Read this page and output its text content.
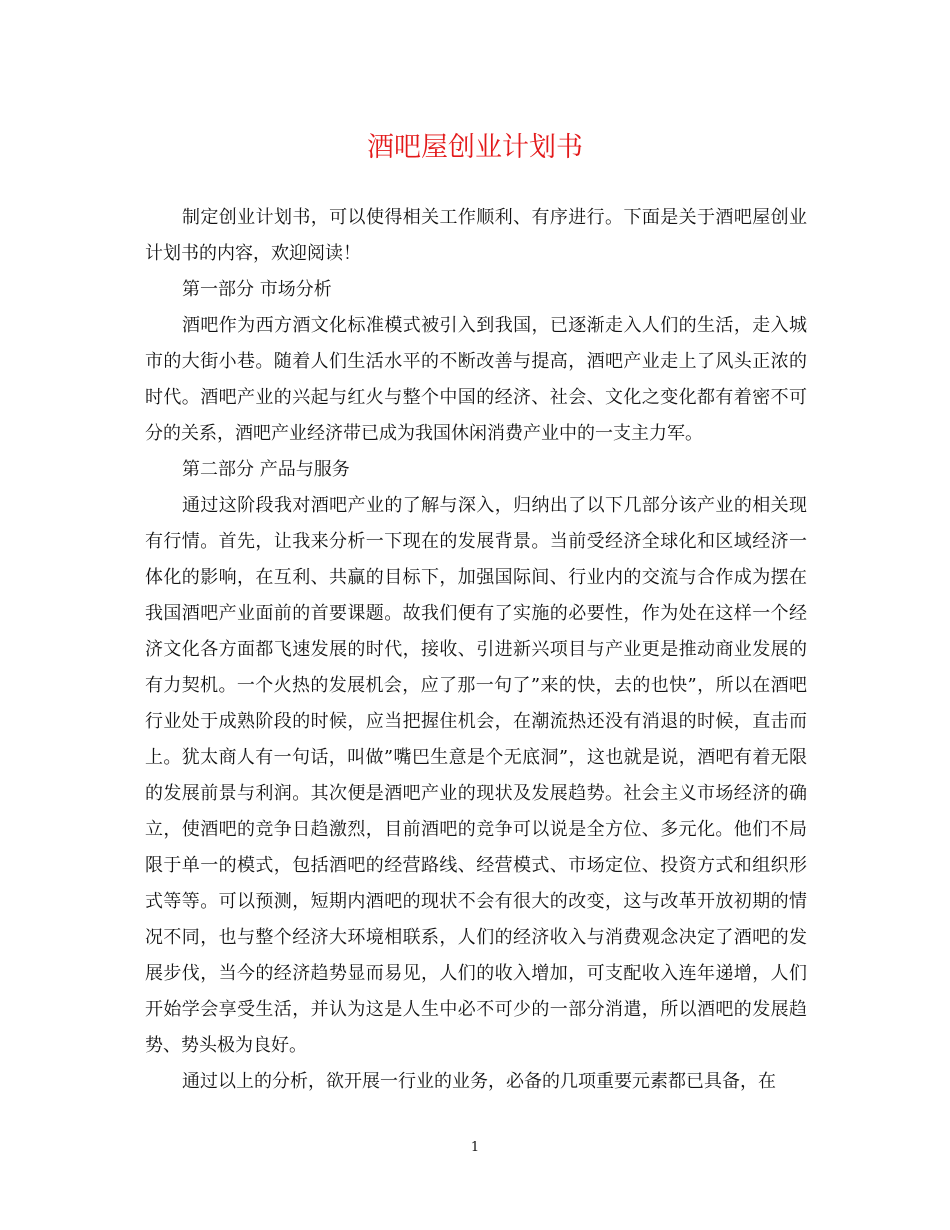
酒吧屋创业计划书

制定创业计划书，可以使得相关工作顺利、有序进行。下面是关于酒吧屋创业计划书的内容，欢迎阅读！

第一部分 市场分析

酒吧作为西方酒文化标准模式被引入到我国，已逐渐走入人们的生活，走入城市的大街小巷。随着人们生活水平的不断改善与提高，酒吧产业走上了风头正浓的时代。酒吧产业的兴起与红火与整个中国的经济、社会、文化之变化都有着密不可分的关系，酒吧产业经济带已成为我国休闲消费产业中的一支主力军。

第二部分 产品与服务

通过这阶段我对酒吧产业的了解与深入，归纳出了以下几部分该产业的相关现有行情。首先，让我来分析一下现在的发展背景。当前受经济全球化和区域经济一体化的影响，在互利、共赢的目标下，加强国际间、行业内的交流与合作成为摆在我国酒吧产业面前的首要课题。故我们便有了实施的必要性，作为处在这样一个经济文化各方面都飞速发展的时代，接收、引进新兴项目与产业更是推动商业发展的有力契机。一个火热的发展机会，应了那一句了”来的快，去的也快”，所以在酒吧行业处于成熟阶段的时候，应当把握住机会，在潮流热还没有消退的时候，直击而上。犹太商人有一句话，叫做”嘴巴生意是个无底洞”，这也就是说，酒吧有着无限的发展前景与利润。其次便是酒吧产业的现状及发展趋势。社会主义市场经济的确立，使酒吧的竞争日趋激烈，目前酒吧的竞争可以说是全方位、多元化。他们不局限于单一的模式，包括酒吧的经营路线、经营模式、市场定位、投资方式和组织形式等等。可以预测，短期内酒吧的现状不会有很大的改变，这与改革开放初期的情况不同，也与整个经济大环境相联系，人们的经济收入与消费观念决定了酒吧的发展步伐，当今的经济趋势显而易见，人们的收入增加，可支配收入连年递增，人们开始学会享受生活，并认为这是人生中必不可少的一部分消遣，所以酒吧的发展趋势、势头极为良好。

通过以上的分析，欲开展一行业的业务，必备的几项重要元素都已具备，在

1
